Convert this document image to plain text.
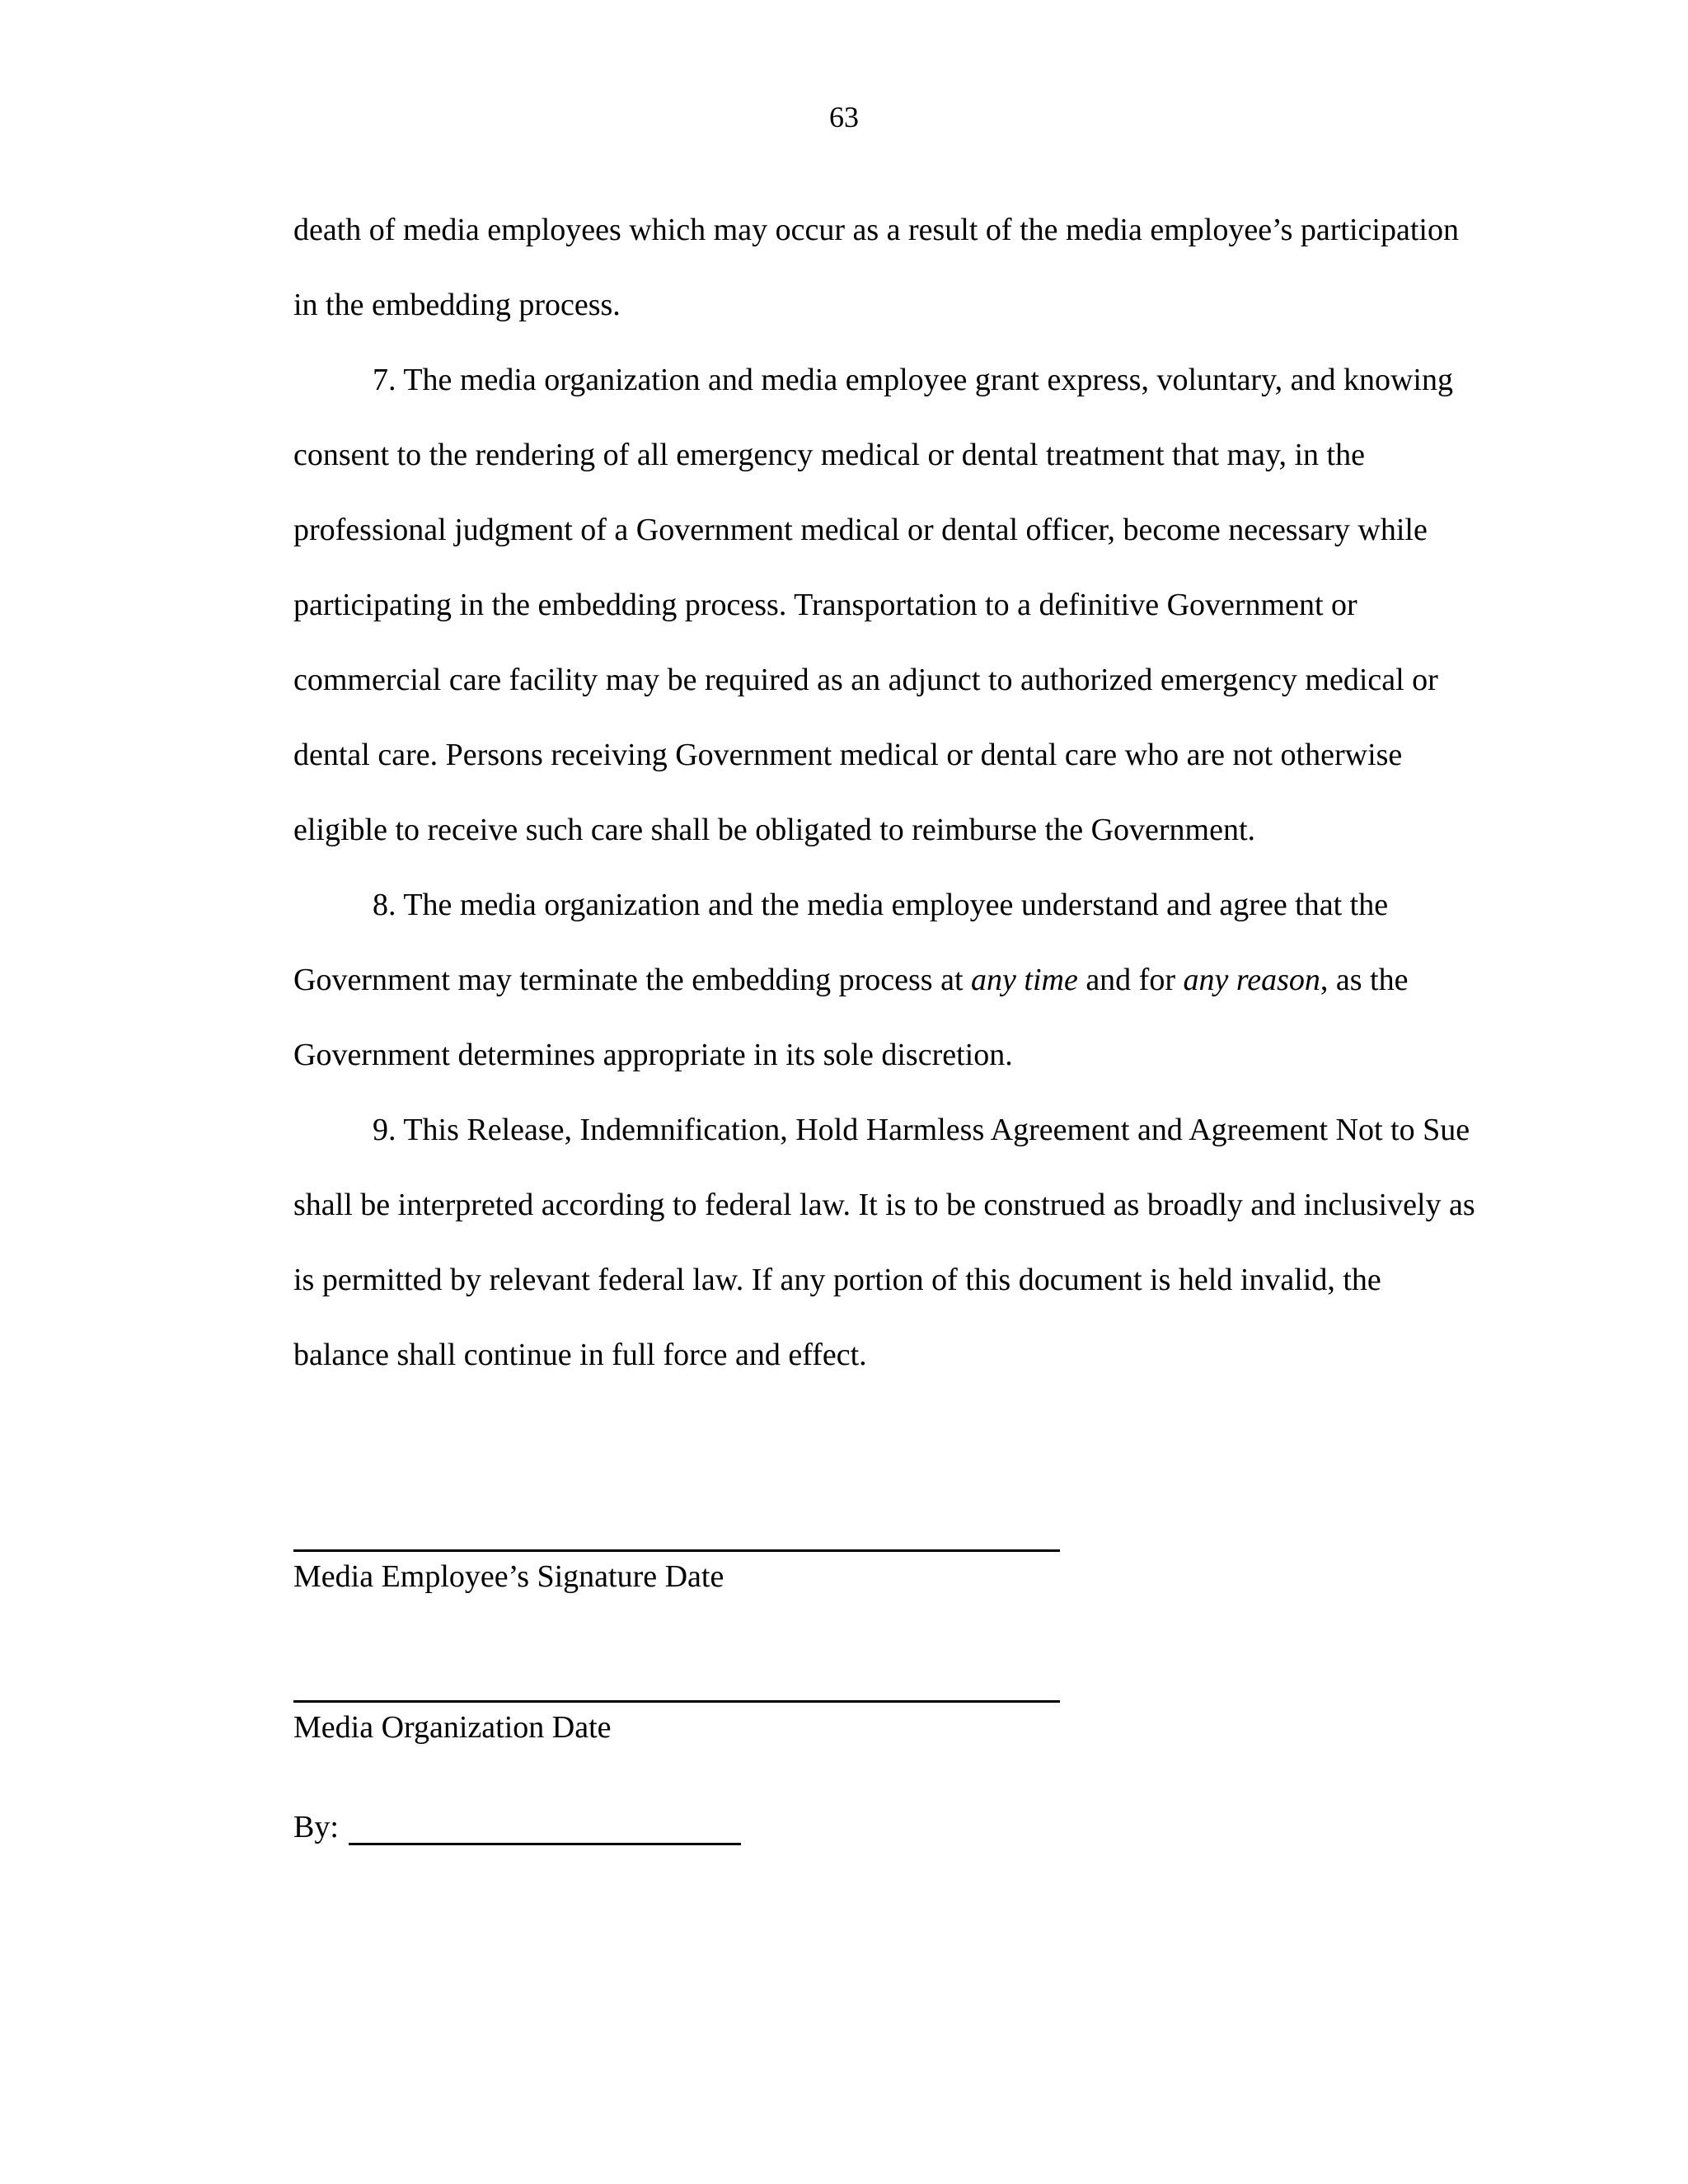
63

death of media employees which may occur as a result of the media employee’s participation in the embedding process.

7. The media organization and media employee grant express, voluntary, and knowing consent to the rendering of all emergency medical or dental treatment that may, in the professional judgment of a Government medical or dental officer, become necessary while participating in the embedding process. Transportation to a definitive Government or commercial care facility may be required as an adjunct to authorized emergency medical or dental care. Persons receiving Government medical or dental care who are not otherwise eligible to receive such care shall be obligated to reimburse the Government.

8. The media organization and the media employee understand and agree that the Government may terminate the embedding process at any time and for any reason, as the Government determines appropriate in its sole discretion.

9. This Release, Indemnification, Hold Harmless Agreement and Agreement Not to Sue shall be interpreted according to federal law. It is to be construed as broadly and inclusively as is permitted by relevant federal law. If any portion of this document is held invalid, the balance shall continue in full force and effect.

Media Employee’s Signature Date
Media Organization Date
By:
